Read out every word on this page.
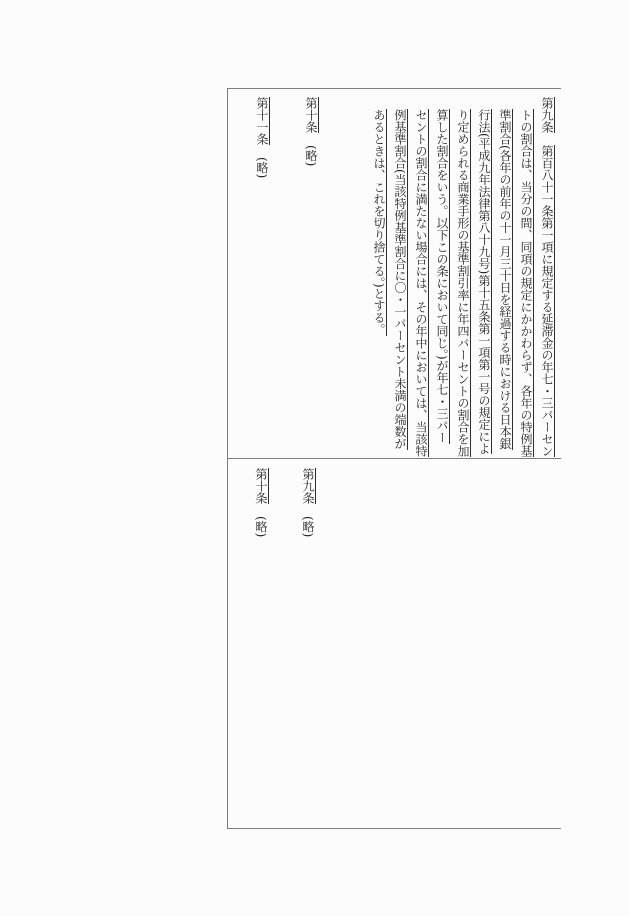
第九条　第百八十一条第一項に規定する延滞金の年七・三パーセン
　トの割合は、当分の間、同項の規定にかかわらず、各年の特例基
　準割合(各年の前年の十一月三十日を経過する時における日本銀
　行法(平成九年法律第八十九号)第十五条第一項第一号の規定によ
　り定められる商業手形の基準割引率に年四パーセントの割合を加
　算した割合をいう。以下この条において同じ。)が年七・三パー
　セントの割合に満たない場合には、その年中においては、当該特
　例基準割合(当該特例基準割合に〇・一パーセント未満の端数が
　あるときは、これを切り捨てる。)とする。
第十条　(略)
第十一条　(略)
第九条　(略)
第十条　(略)
